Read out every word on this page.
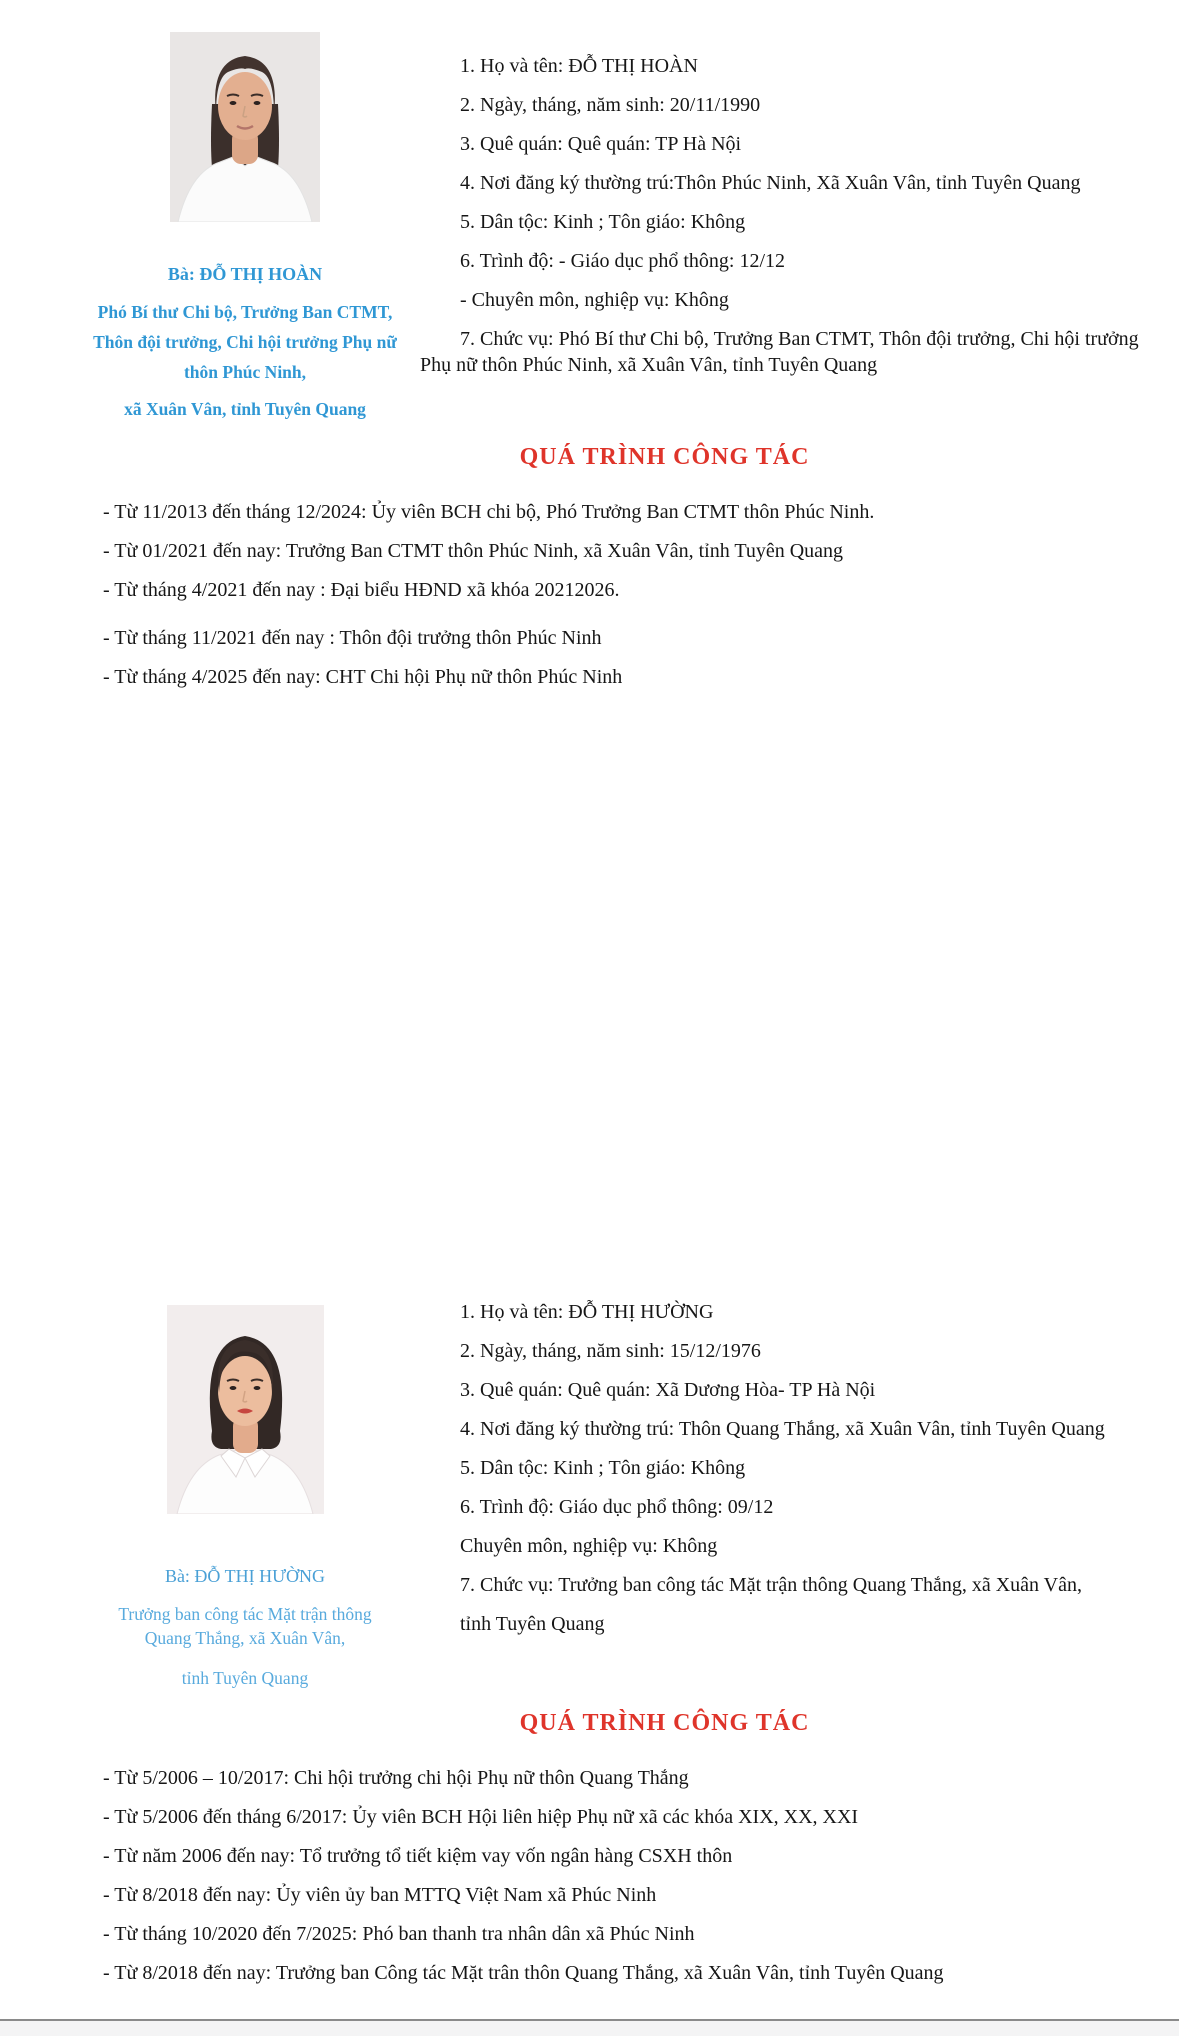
Bà: ĐỖ THỊ HOÀN

Phó Bí thư Chi bộ, Trưởng Ban CTMT, Thôn đội trưởng, Chi hội trưởng Phụ nữ thôn Phúc Ninh,

xã Xuân Vân, tỉnh Tuyên Quang

1. Họ và tên: ĐỖ THỊ HOÀN

2. Ngày, tháng, năm sinh: 20/11/1990

3. Quê quán: Quê quán: TP Hà Nội

4. Nơi đăng ký thường trú:Thôn Phúc Ninh, Xã Xuân Vân, tỉnh Tuyên Quang

5. Dân tộc: Kinh ; Tôn giáo: Không

6. Trình độ: - Giáo dục phổ thông: 12/12

- Chuyên môn, nghiệp vụ: Không

7. Chức vụ: Phó Bí thư Chi bộ, Trưởng Ban CTMT, Thôn đội trưởng, Chi hội trưởng Phụ nữ thôn Phúc Ninh, xã Xuân Vân, tỉnh Tuyên Quang

QUÁ TRÌNH CÔNG TÁC

- Từ 11/2013 đến tháng 12/2024: Ủy viên BCH chi bộ, Phó Trưởng Ban CTMT thôn Phúc Ninh.

- Từ 01/2021 đến nay: Trưởng Ban CTMT thôn Phúc Ninh, xã Xuân Vân, tỉnh Tuyên Quang

- Từ tháng 4/2021 đến nay : Đại biểu HĐND xã khóa 20212026.

- Từ tháng 11/2021 đến nay : Thôn đội trưởng thôn Phúc Ninh

- Từ tháng 4/2025 đến nay: CHT Chi hội Phụ nữ thôn Phúc Ninh

Bà: ĐỖ THỊ HƯỜNG

Trưởng ban công tác Mặt trận thông Quang Thắng, xã Xuân Vân,

tỉnh Tuyên Quang

1. Họ và tên: ĐỖ THỊ HƯỜNG

2. Ngày, tháng, năm sinh: 15/12/1976

3. Quê quán: Quê quán: Xã Dương Hòa- TP Hà Nội

4. Nơi đăng ký thường trú: Thôn Quang Thắng, xã Xuân Vân, tỉnh Tuyên Quang

5. Dân tộc: Kinh ; Tôn giáo: Không

6. Trình độ: Giáo dục phổ thông: 09/12

Chuyên môn, nghiệp vụ: Không

7. Chức vụ: Trưởng ban công tác Mặt trận thông Quang Thắng, xã Xuân Vân,

tỉnh Tuyên Quang

QUÁ TRÌNH CÔNG TÁC

- Từ 5/2006 – 10/2017: Chi hội trưởng chi hội Phụ nữ thôn Quang Thắng

- Từ 5/2006 đến tháng 6/2017: Ủy viên BCH Hội liên hiệp Phụ nữ xã các khóa XIX, XX, XXI

- Từ năm 2006 đến nay: Tổ trưởng tổ tiết kiệm vay vốn ngân hàng CSXH thôn

- Từ 8/2018 đến nay: Ủy viên ủy ban MTTQ Việt Nam xã Phúc Ninh

- Từ tháng 10/2020 đến 7/2025: Phó ban thanh tra nhân dân xã Phúc Ninh

- Từ 8/2018 đến nay: Trưởng ban Công tác Mặt trân thôn Quang Thắng, xã Xuân Vân, tỉnh Tuyên Quang
